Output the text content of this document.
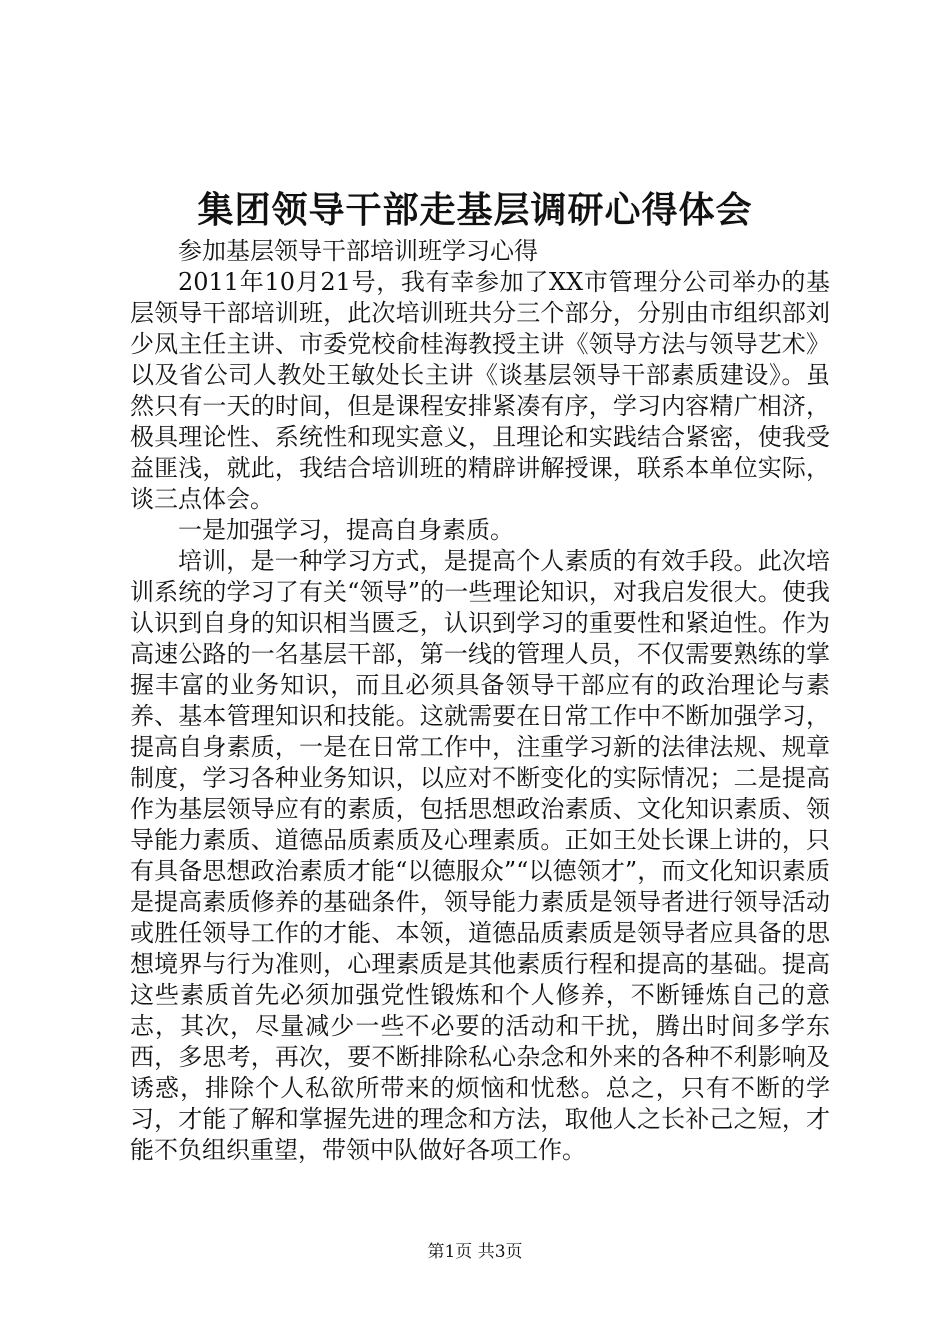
集团领导干部走基层调研心得体会

参加基层领导干部培训班学习心得

2011年10月21号，我有幸参加了XX市管理分公司举办的基层领导干部培训班，此次培训班共分三个部分，分别由市组织部刘少凤主任主讲、市委党校俞桂海教授主讲《领导方法与领导艺术》以及省公司人教处王敏处长主讲《谈基层领导干部素质建设》。虽然只有一天的时间，但是课程安排紧凑有序，学习内容精广相济，极具理论性、系统性和现实意义，且理论和实践结合紧密，使我受益匪浅，就此，我结合培训班的精辟讲解授课，联系本单位实际，谈三点体会。

一是加强学习，提高自身素质。

培训，是一种学习方式，是提高个人素质的有效手段。此次培训系统的学习了有关“领导”的一些理论知识，对我启发很大。使我认识到自身的知识相当匮乏，认识到学习的重要性和紧迫性。作为高速公路的一名基层干部，第一线的管理人员，不仅需要熟练的掌握丰富的业务知识，而且必须具备领导干部应有的政治理论与素养、基本管理知识和技能。这就需要在日常工作中不断加强学习，提高自身素质，一是在日常工作中，注重学习新的法律法规、规章制度，学习各种业务知识，以应对不断变化的实际情况；二是提高作为基层领导应有的素质，包括思想政治素质、文化知识素质、领导能力素质、道德品质素质及心理素质。正如王处长课上讲的，只有具备思想政治素质才能“以德服众”“以德领才”，而文化知识素质是提高素质修养的基础条件，领导能力素质是领导者进行领导活动或胜任领导工作的才能、本领，道德品质素质是领导者应具备的思想境界与行为准则，心理素质是其他素质行程和提高的基础。提高这些素质首先必须加强党性锻炼和个人修养，不断锤炼自己的意志，其次，尽量减少一些不必要的活动和干扰，腾出时间多学东西，多思考，再次，要不断排除私心杂念和外来的各种不利影响及诱惑，排除个人私欲所带来的烦恼和忧愁。总之，只有不断的学习，才能了解和掌握先进的理念和方法，取他人之长补己之短，才能不负组织重望，带领中队做好各项工作。

第1页 共3页
